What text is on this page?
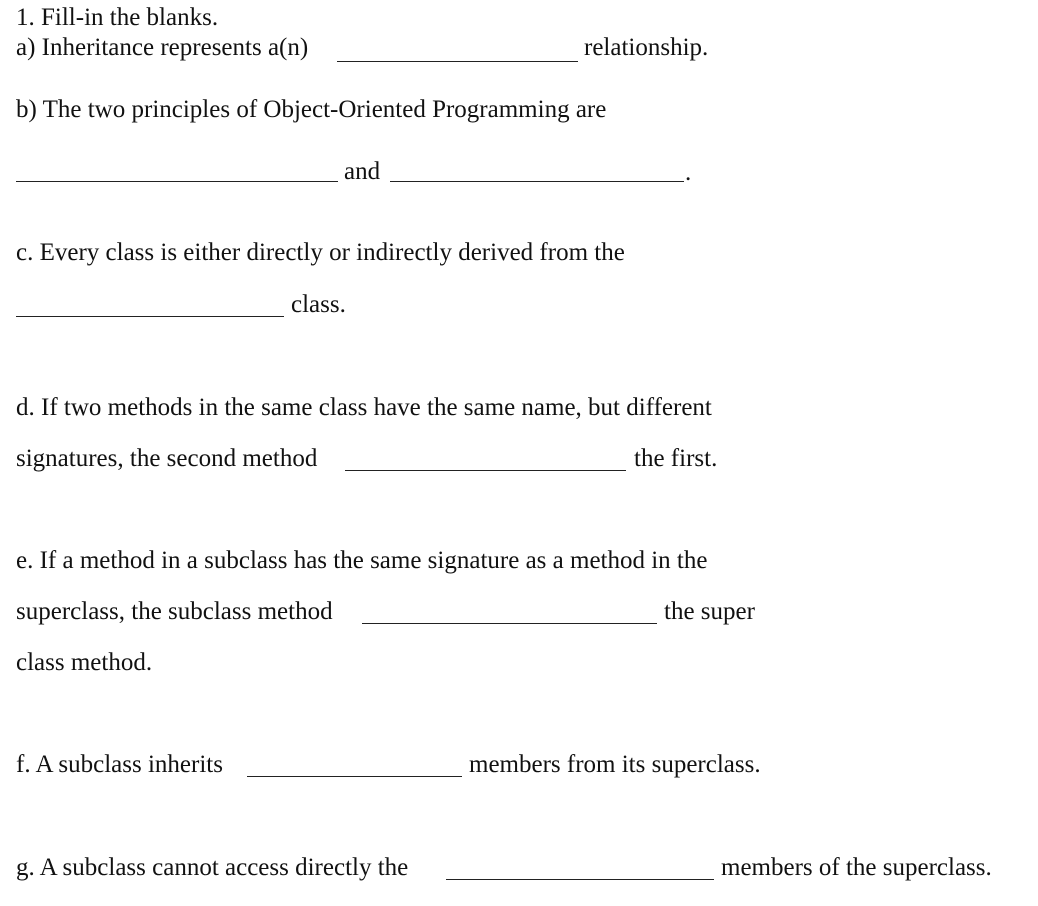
1. Fill-in the blanks.
a) Inheritance represents a(n)	relationship.
b) The two principles of Object-Oriented Programming are
and	.
c. Every class is either directly or indirectly derived from the
class.
d. If two methods in the same class have the same name, but different
signatures, the second method	the first.
e. If a method in a subclass has the same signature as a method in the
superclass, the subclass method	the super
class method.
f. A subclass inherits	members from its superclass.
g. A subclass cannot access directly the	members of the superclass.
